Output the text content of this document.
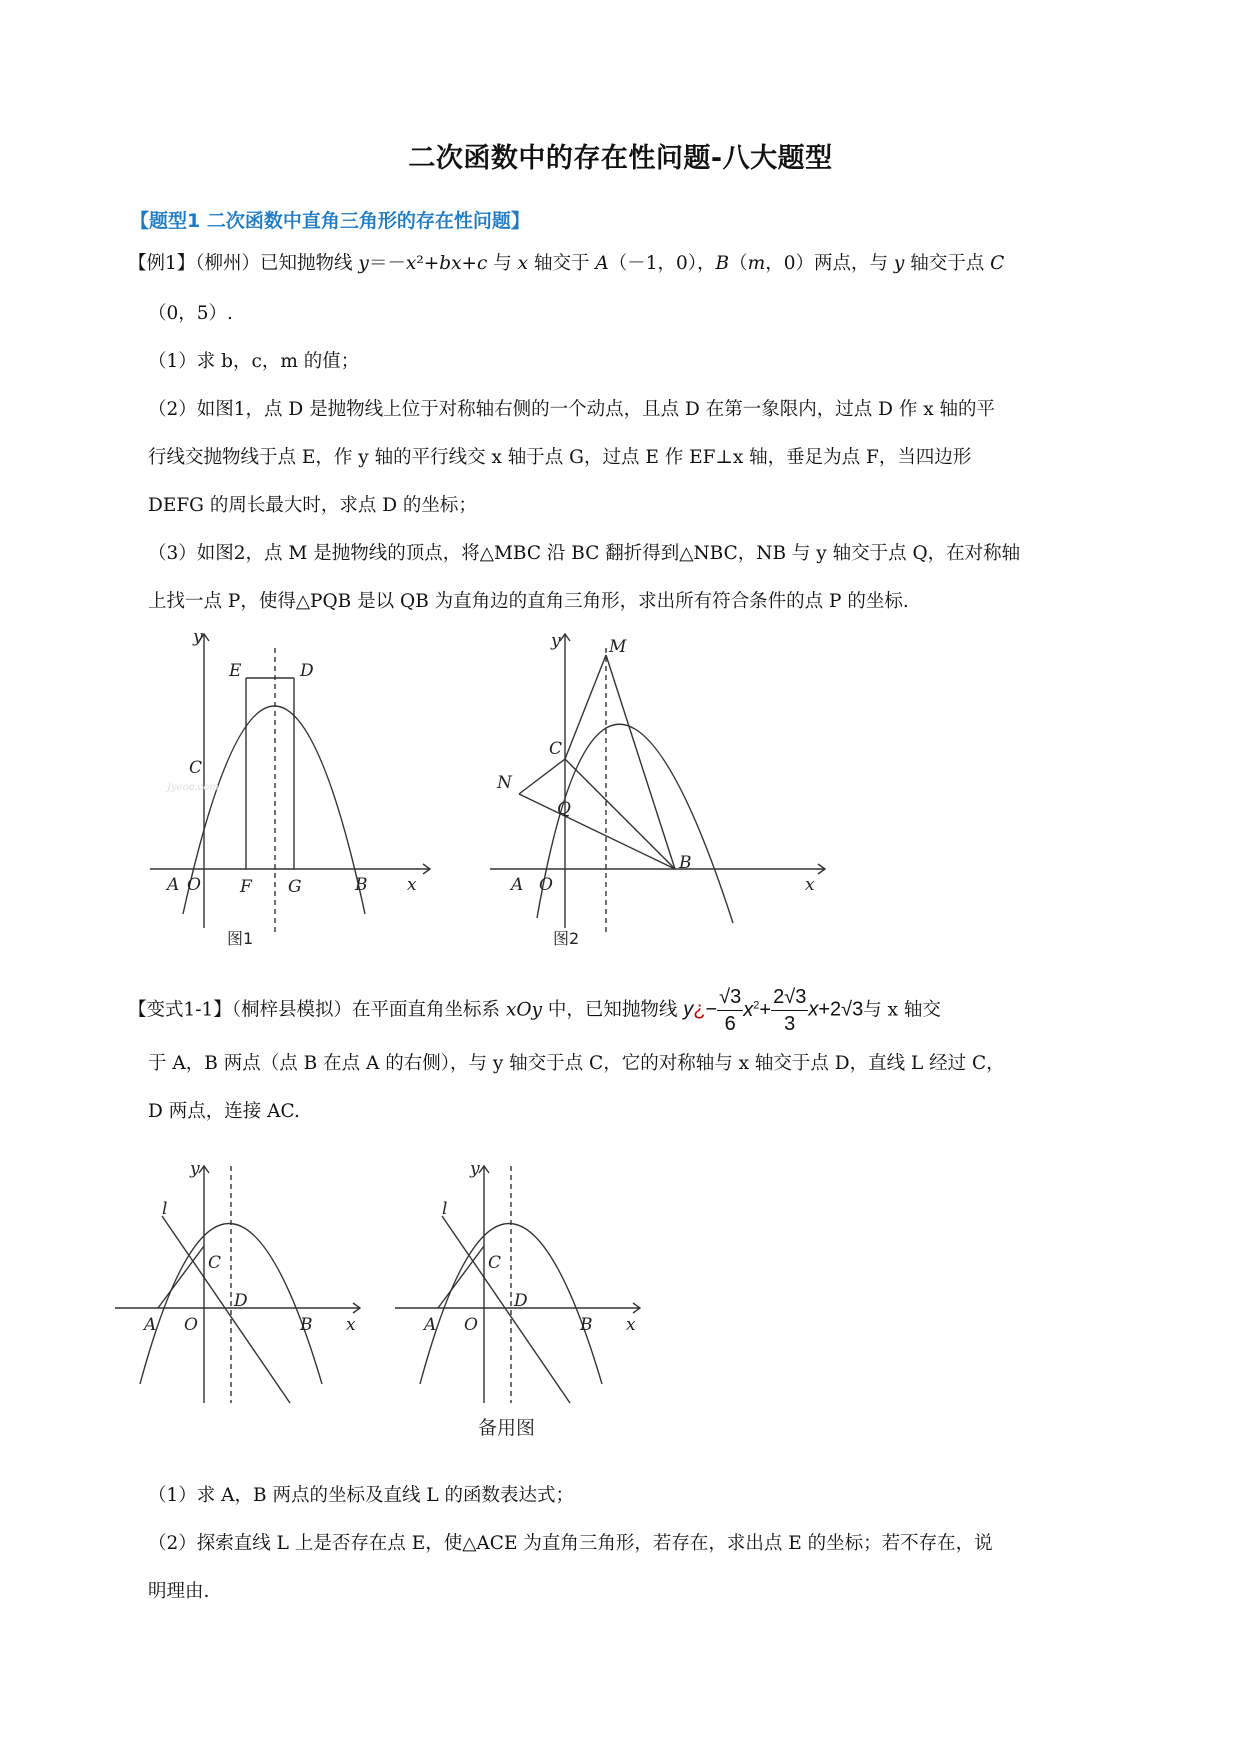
二次函数中的存在性问题-八大题型
【题型1 二次函数中直角三角形的存在性问题】
【例1】（柳州）已知抛物线 y＝－x²+bx+c 与 x 轴交于 A（－1，0），B（m，0）两点，与 y 轴交于点 C
（0，5）.
（1）求 b，c，m 的值；
（2）如图1，点 D 是抛物线上位于对称轴右侧的一个动点，且点 D 在第一象限内，过点 D 作 x 轴的平
行线交抛物线于点 E，作 y 轴的平行线交 x 轴于点 G，过点 E 作 EF⊥x 轴，垂足为点 F，当四边形
DEFG 的周长最大时，求点 D 的坐标；
（3）如图2，点 M 是抛物线的顶点，将△MBC 沿 BC 翻折得到△NBC，NB 与 y 轴交于点 Q，在对称轴
上找一点 P，使得△PQB 是以 QB 为直角边的直角三角形，求出所有符合条件的点 P 的坐标.
y
E	D
C
A O F G	B x
Jyeoo.com
图1
y	M
C
N
Q
A O
B
x
图2
【变式1-1】（桐梓县模拟）在平面直角坐标系 xOy 中，已知抛物线 y¿− $\frac{√3}{6} x^2+ \frac{2√3}{3} x+2√3$与 x 轴交
于 A，B 两点（点 B 在点 A 的右侧），与 y 轴交于点 C，它的对称轴与 x 轴交于点 D，直线 L 经过 C，
D 两点，连接 AC.
y
l
C
D
A O	B x
y
l
C
D
A O	B x
备用图
（1）求 A，B 两点的坐标及直线 L 的函数表达式；
（2）探索直线 L 上是否存在点 E，使△ACE 为直角三角形，若存在，求出点 E 的坐标；若不存在，说
明理由.
